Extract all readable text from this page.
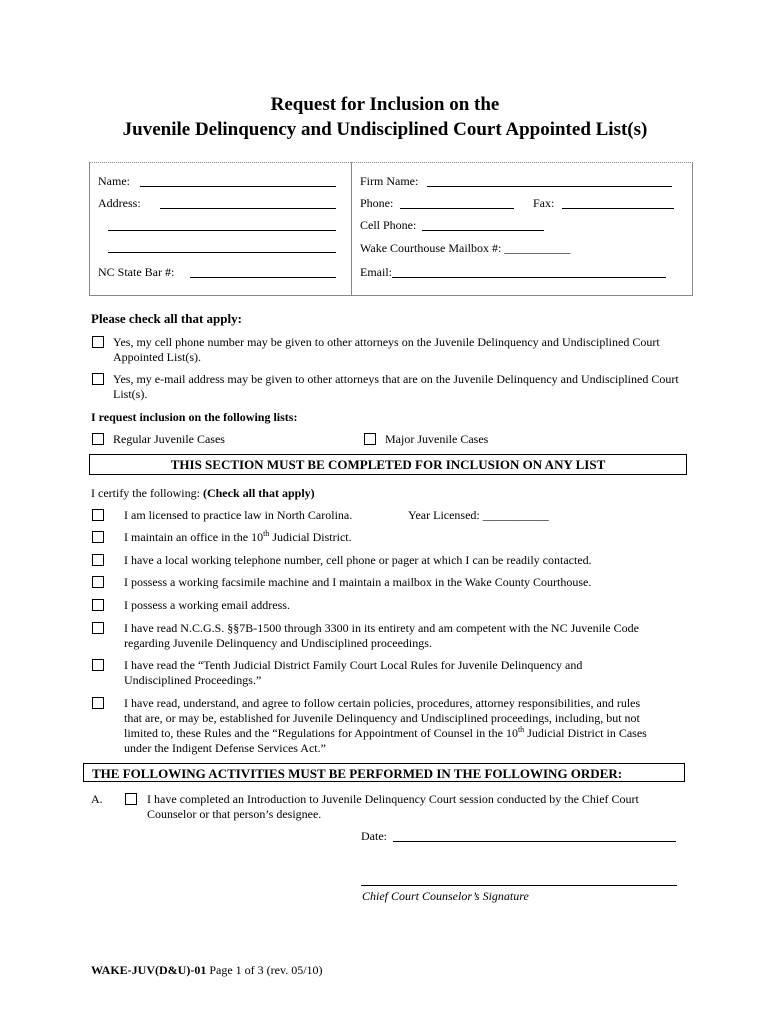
Request for Inclusion on the
Juvenile Delinquency and Undisciplined Court Appointed List(s)
Name:
Address:
NC State Bar #:
Firm Name:
Phone:	Fax:
Cell Phone:
Wake Courthouse Mailbox #: ___________
Email:
Please check all that apply:
Yes, my cell phone number may be given to other attorneys on the Juvenile Delinquency and Undisciplined Court
Appointed List(s).
Yes, my e-mail address may be given to other attorneys that are on the Juvenile Delinquency and Undisciplined Court
List(s).
I request inclusion on the following lists:
Regular Juvenile Cases	Major Juvenile Cases
THIS SECTION MUST BE COMPLETED FOR INCLUSION ON ANY LIST
I certify the following: (Check all that apply)
I am licensed to practice law in North Carolina.	Year Licensed: ___________
I maintain an office in the 10th Judicial District.
I have a local working telephone number, cell phone or pager at which I can be readily contacted.
I possess a working facsimile machine and I maintain a mailbox in the Wake County Courthouse.
I possess a working email address.
I have read N.C.G.S. §§7B-1500 through 3300 in its entirety and am competent with the NC Juvenile Code
regarding Juvenile Delinquency and Undisciplined proceedings.
I have read the “Tenth Judicial District Family Court Local Rules for Juvenile Delinquency and
Undisciplined Proceedings.”
I have read, understand, and agree to follow certain policies, procedures, attorney responsibilities, and rules
that are, or may be, established for Juvenile Delinquency and Undisciplined proceedings, including, but not
limited to, these Rules and the “Regulations for Appointment of Counsel in the 10th Judicial District in Cases
under the Indigent Defense Services Act.”
THE FOLLOWING ACTIVITIES MUST BE PERFORMED IN THE FOLLOWING ORDER:
A.	I have completed an Introduction to Juvenile Delinquency Court session conducted by the Chief Court
Counselor or that person’s designee.
Date:
Chief Court Counselor’s Signature
WAKE-JUV(D&U)-01 Page 1 of 3 (rev. 05/10)
